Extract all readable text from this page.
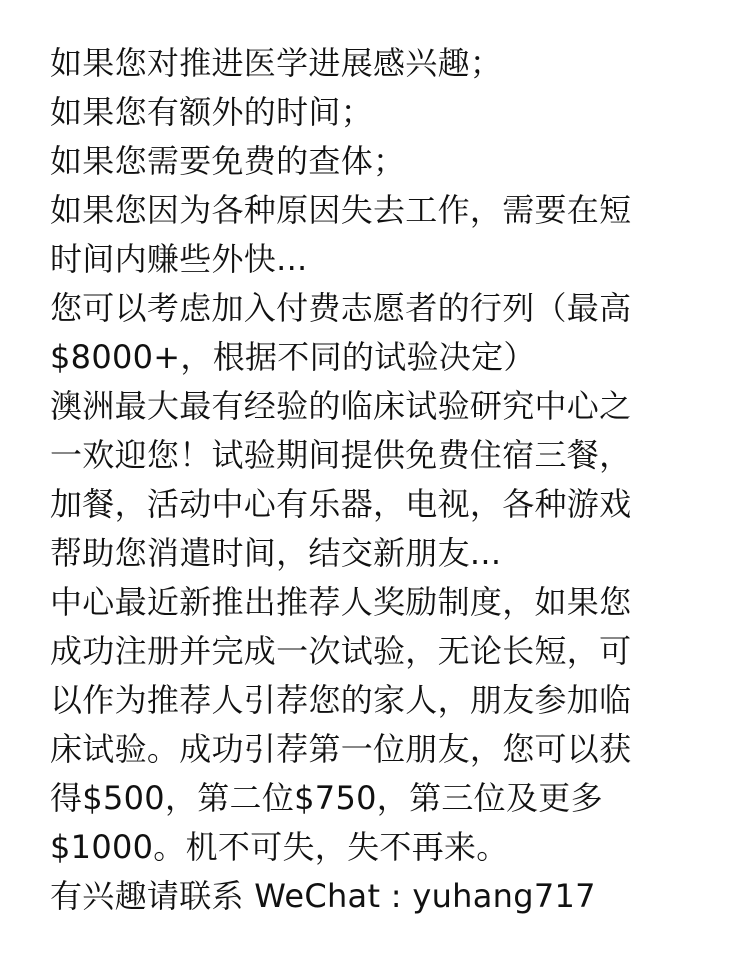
如果您对推进医学进展感兴趣；
如果您有额外的时间；
如果您需要免费的查体；
如果您因为各种原因失去工作，需要在短
时间内赚些外快...
您可以考虑加入付费志愿者的行列（最高
$8000+，根据不同的试验决定）
澳洲最大最有经验的临床试验研究中心之
一欢迎您！试验期间提供免费住宿三餐，
加餐，活动中心有乐器，电视，各种游戏
帮助您消遣时间，结交新朋友...
中心最近新推出推荐人奖励制度，如果您
成功注册并完成一次试验，无论长短，可
以作为推荐人引荐您的家人，朋友参加临
床试验。成功引荐第一位朋友，您可以获
得$500，第二位$750，第三位及更多
$1000。机不可失，失不再来。
有兴趣请联系 WeChat : yuhang717
